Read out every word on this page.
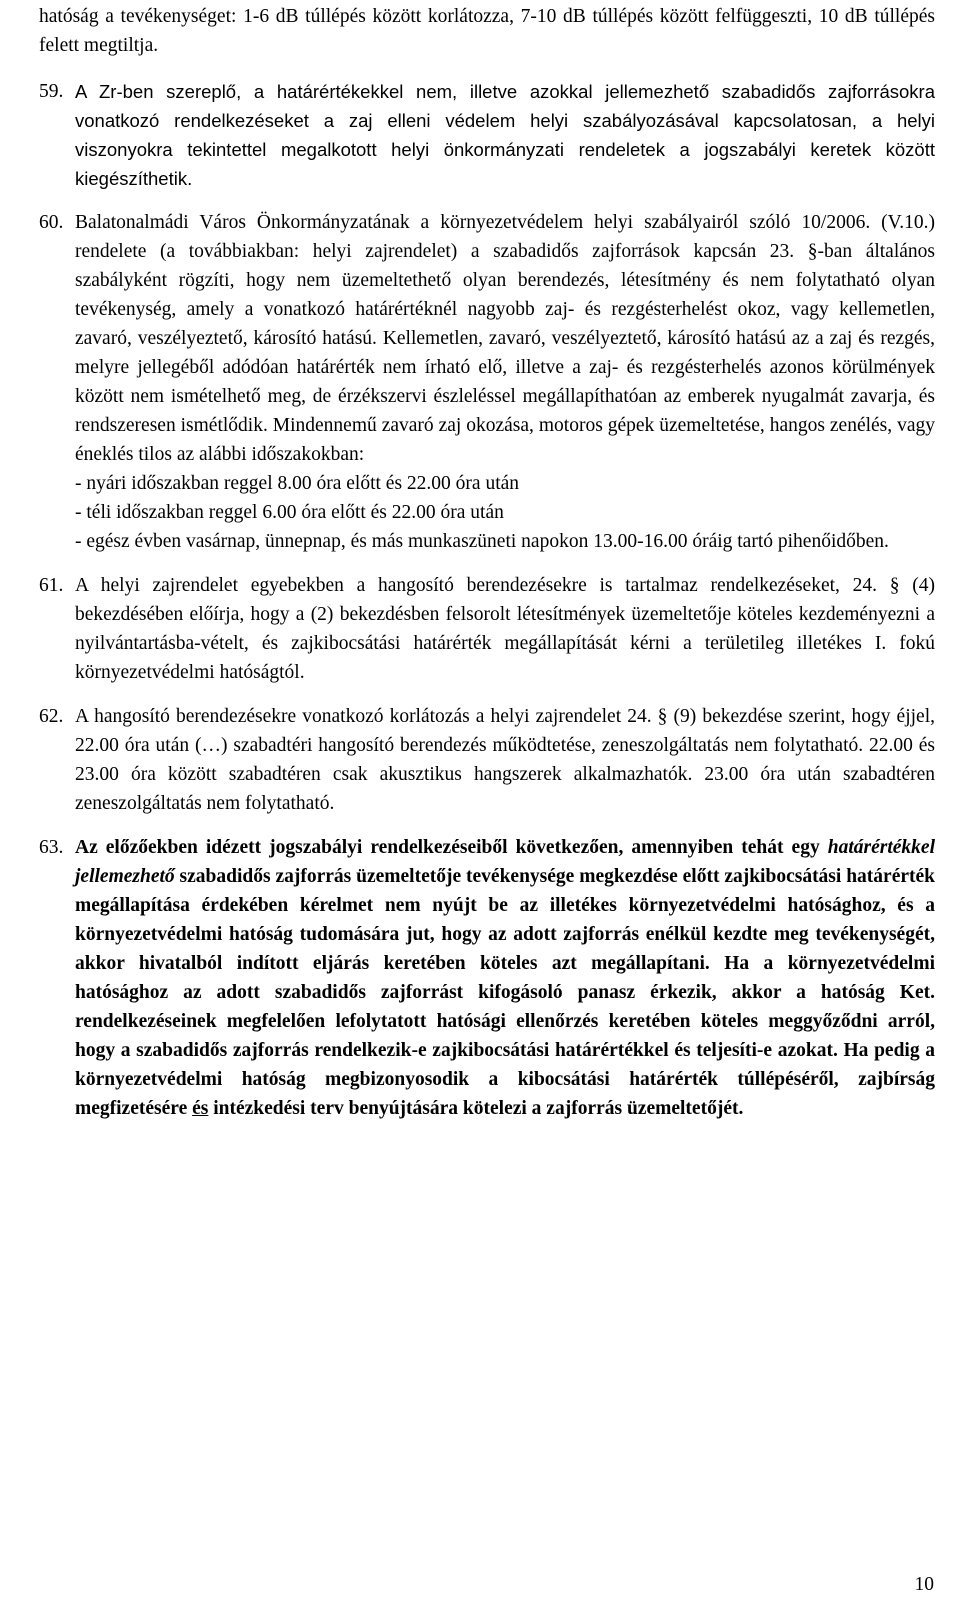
hatóság a tevékenységet: 1-6 dB túllépés között korlátozza, 7-10 dB túllépés között felfüggeszti, 10 dB túllépés felett megtiltja.

59. A Zr-ben szereplő, a határértékekkel nem, illetve azokkal jellemezhető szabadidős zajforrásokra vonatkozó rendelkezéseket a zaj elleni védelem helyi szabályozásával kapcsolatosan, a helyi viszonyokra tekintettel megalkotott helyi önkormányzati rendeletek a jogszabályi keretek között kiegészíthetik.

60. Balatonalmádi Város Önkormányzatának a környezetvédelem helyi szabályairól szóló 10/2006. (V.10.) rendelete (a továbbiakban: helyi zajrendelet) a szabadidős zajforrások kapcsán 23. §-ban általános szabályként rögzíti, hogy nem üzemeltethető olyan berendezés, létesítmény és nem folytatható olyan tevékenység, amely a vonatkozó határértéknél nagyobb zaj- és rezgésterhelést okoz, vagy kellemetlen, zavaró, veszélyeztető, károsító hatású. Kellemetlen, zavaró, veszélyeztető, károsító hatású az a zaj és rezgés, melyre jellegéből adódóan határérték nem írható elő, illetve a zaj- és rezgésterhelés azonos körülmények között nem ismételhető meg, de érzékszervi észleléssel megállapíthatóan az emberek nyugalmát zavarja, és rendszeresen ismétlődik. Mindennemű zavaró zaj okozása, motoros gépek üzemeltetése, hangos zenélés, vagy éneklés tilos az alábbi időszakokban:

- nyári időszakban reggel 8.00 óra előtt és 22.00 óra után

- téli időszakban reggel 6.00 óra előtt és 22.00 óra után

- egész évben vasárnap, ünnepnap, és más munkaszüneti napokon 13.00-16.00 óráig tartó pihenőidőben.

61. A helyi zajrendelet egyebekben a hangosító berendezésekre is tartalmaz rendelkezéseket, 24. § (4) bekezdésében előírja, hogy a (2) bekezdésben felsorolt létesítmények üzemeltetője köteles kezdeményezni a nyilvántartásba-vételt, és zajkibocsátási határérték megállapítását kérni a területileg illetékes I. fokú környezetvédelmi hatóságtól.

62. A hangosító berendezésekre vonatkozó korlátozás a helyi zajrendelet 24. § (9) bekezdése szerint, hogy éjjel, 22.00 óra után (…) szabadtéri hangosító berendezés működtetése, zeneszolgáltatás nem folytatható. 22.00 és 23.00 óra között szabadtéren csak akusztikus hangszerek alkalmazhatók. 23.00 óra után szabadtéren zeneszolgáltatás nem folytatható.

63. Az előzőekben idézett jogszabályi rendelkezéseiből következően, amennyiben tehát egy határértékkel jellemezhető szabadidős zajforrás üzemeltetője tevékenysége megkezdése előtt zajkibocsátási határérték megállapítása érdekében kérelmet nem nyújt be az illetékes környezetvédelmi hatósághoz, és a környezetvédelmi hatóság tudomására jut, hogy az adott zajforrás enélkül kezdte meg tevékenységét, akkor hivatalból indított eljárás keretében köteles azt megállapítani. Ha a környezetvédelmi hatósághoz az adott szabadidős zajforrást kifogásoló panasz érkezik, akkor a hatóság Ket. rendelkezéseinek megfelelően lefolytatott hatósági ellenőrzés keretében köteles meggyőződni arról, hogy a szabadidős zajforrás rendelkezik-e zajkibocsátási határértékkel és teljesíti-e azokat. Ha pedig a környezetvédelmi hatóság megbizonyosodik a kibocsátási határérték túllépéséről, zajbírság megfizetésére és intézkedési terv benyújtására kötelezi a zajforrás üzemeltetőjét.

10
